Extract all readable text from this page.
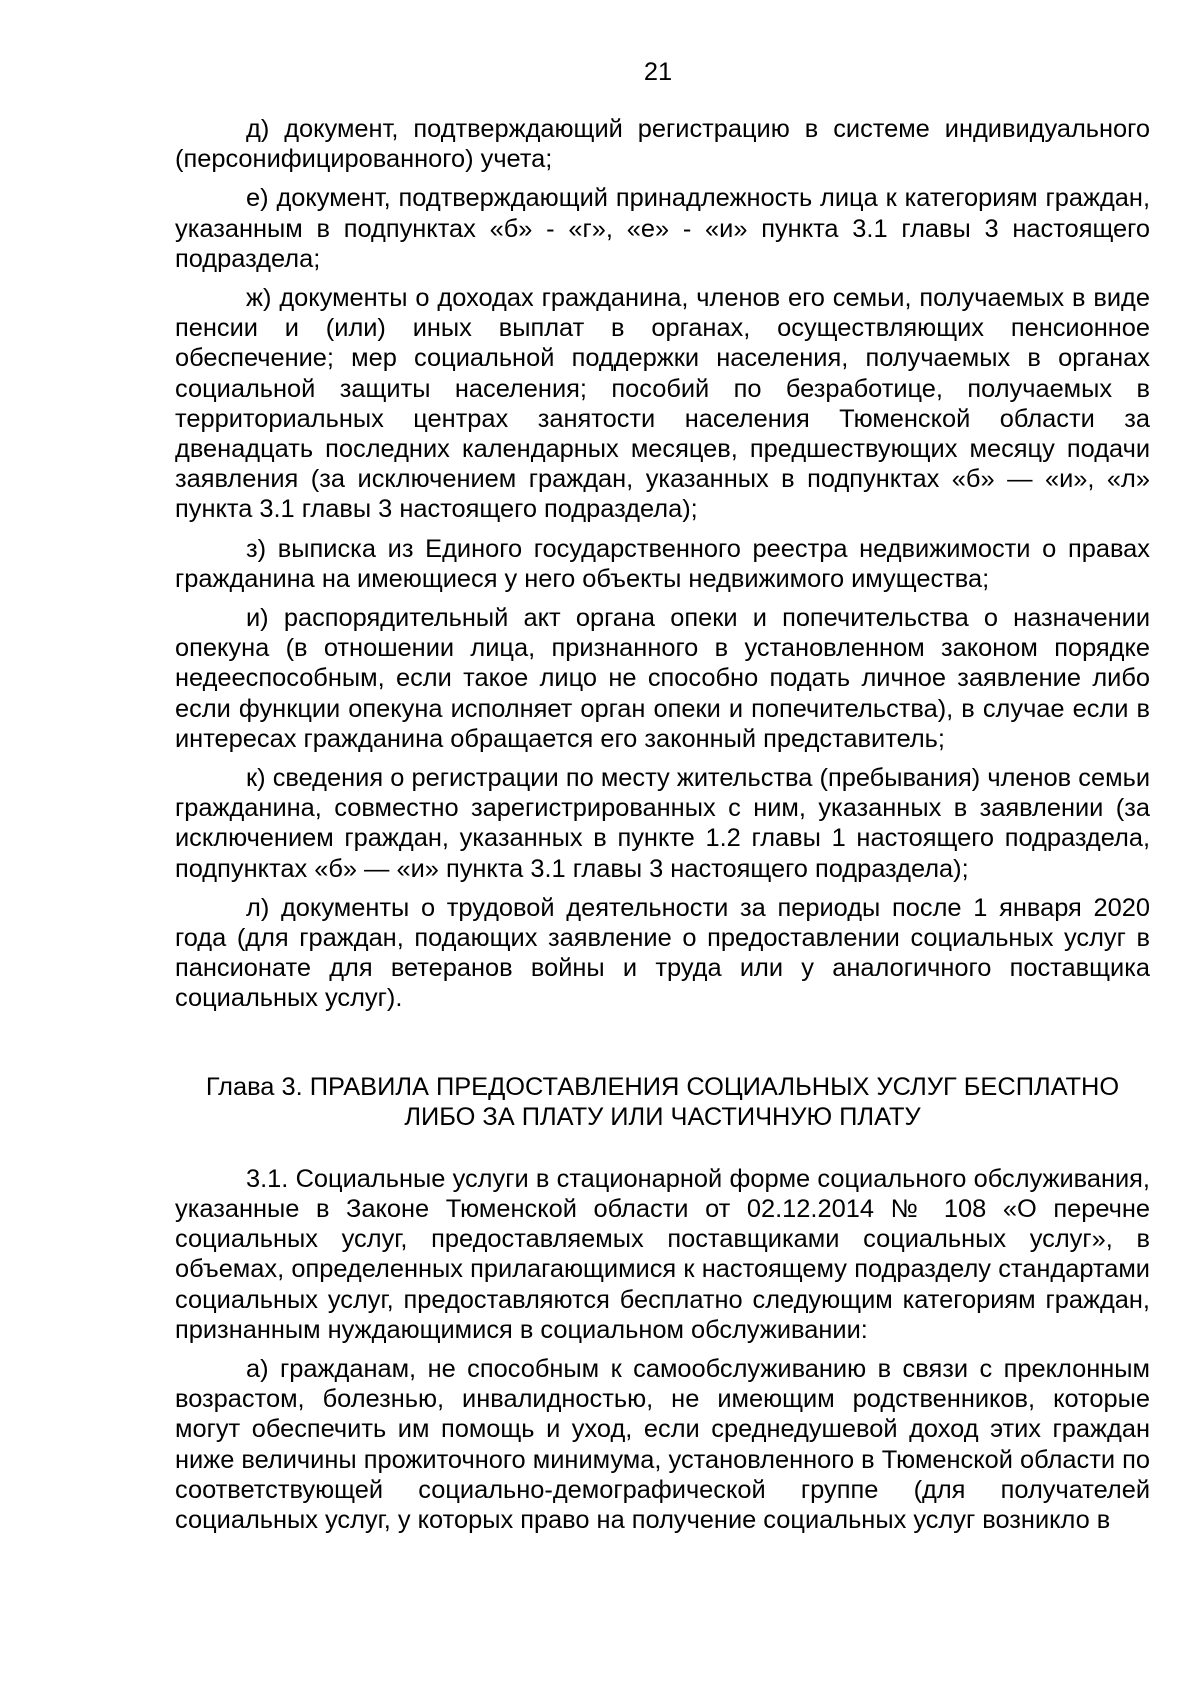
21

д) документ, подтверждающий регистрацию в системе индивидуального (персонифицированного) учета;

е) документ, подтверждающий принадлежность лица к категориям граждан, указанным в подпунктах «б» - «г», «е» - «и» пункта 3.1 главы 3 настоящего подраздела;

ж) документы о доходах гражданина, членов его семьи, получаемых в виде пенсии и (или) иных выплат в органах, осуществляющих пенсионное обеспечение; мер социальной поддержки населения, получаемых в органах социальной защиты населения; пособий по безработице, получаемых в территориальных центрах занятости населения Тюменской области за двенадцать последних календарных месяцев, предшествующих месяцу подачи заявления (за исключением граждан, указанных в подпунктах «б» — «и», «л» пункта 3.1 главы 3 настоящего подраздела);

з) выписка из Единого государственного реестра недвижимости о правах гражданина на имеющиеся у него объекты недвижимого имущества;

и) распорядительный акт органа опеки и попечительства о назначении опекуна (в отношении лица, признанного в установленном законом порядке недееспособным, если такое лицо не способно подать личное заявление либо если функции опекуна исполняет орган опеки и попечительства), в случае если в интересах гражданина обращается его законный представитель;

к) сведения о регистрации по месту жительства (пребывания) членов семьи гражданина, совместно зарегистрированных с ним, указанных в заявлении (за исключением граждан, указанных в пункте 1.2 главы 1 настоящего подраздела, подпунктах «б» — «и» пункта 3.1 главы 3 настоящего подраздела);

л) документы о трудовой деятельности за периоды после 1 января 2020 года (для граждан, подающих заявление о предоставлении социальных услуг в пансионате для ветеранов войны и труда или у аналогичного поставщика социальных услуг).

Глава 3. ПРАВИЛА ПРЕДОСТАВЛЕНИЯ СОЦИАЛЬНЫХ УСЛУГ БЕСПЛАТНО
ЛИБО ЗА ПЛАТУ ИЛИ ЧАСТИЧНУЮ ПЛАТУ

3.1. Социальные услуги в стационарной форме социального обслуживания, указанные в Законе Тюменской области от 02.12.2014 № 108 «О перечне социальных услуг, предоставляемых поставщиками социальных услуг», в объемах, определенных прилагающимися к настоящему подразделу стандартами социальных услуг, предоставляются бесплатно следующим категориям граждан, признанным нуждающимися в социальном обслуживании:

а) гражданам, не способным к самообслуживанию в связи с преклонным возрастом, болезнью, инвалидностью, не имеющим родственников, которые могут обеспечить им помощь и уход, если среднедушевой доход этих граждан ниже величины прожиточного минимума, установленного в Тюменской области по соответствующей социально-демографической группе (для получателей социальных услуг, у которых право на получение социальных услуг возникло в
